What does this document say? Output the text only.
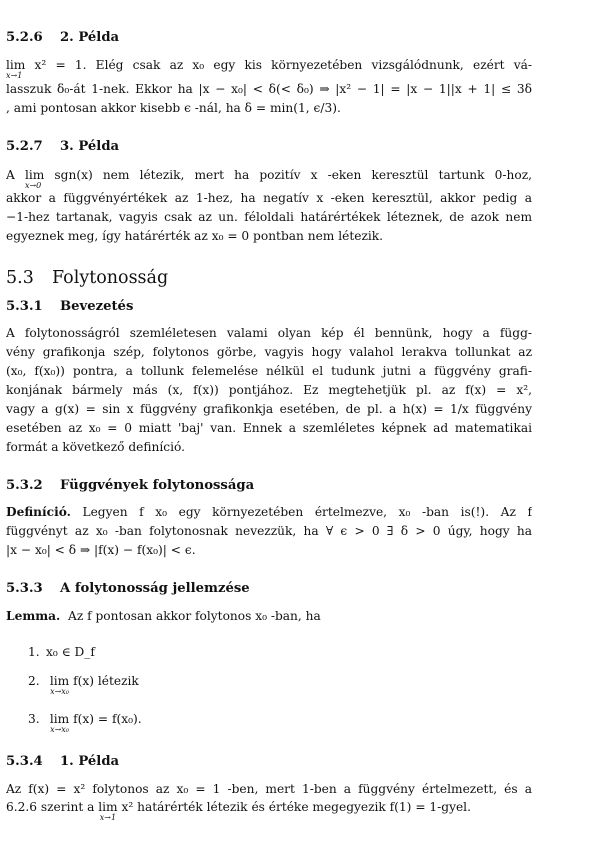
5.2.6 2. Példa
lim
x→1
x² = 1. Elég csak az x₀ egy kis környezetében vizsgálódnunk, ezért vá-
lasszuk δ₀-át 1-nek. Ekkor ha |x − x₀| < δ(< δ₀) ⇒ |x² − 1| = |x − 1||x + 1| ≤ 3δ
, ami pontosan akkor kisebb ϵ -nál, ha δ = min(1, ϵ/3).
5.2.7 3. Példa
A lim
x→0
sgn(x) nem létezik, mert ha pozitív x -eken keresztül tartunk 0-hoz,
akkor a függvényértékek az 1-hez, ha negatív x -eken keresztül, akkor pedig a
−1-hez tartanak, vagyis csak az un. féloldali határértékek léteznek, de azok nem
egyeznek meg, így határérték az x₀ = 0 pontban nem létezik.
5.3 Folytonosság
5.3.1 Bevezetés
A folytonosságról szemléletesen valami olyan kép él bennünk, hogy a függ-
vény grafikonja szép, folytonos görbe, vagyis hogy valahol lerakva tollunkat az
(x₀, f(x₀)) pontra, a tollunk felemelése nélkül el tudunk jutni a függvény grafi-
konjának bármely más (x, f(x)) pontjához. Ez megtehetjük pl. az f(x) = x²,
vagy a g(x) = sin x függvény grafikonkja esetében, de pl. a h(x) = 1/x függvény
esetében az x₀ = 0 miatt 'baj' van. Ennek a szemléletes képnek ad matematikai
formát a következő definíció.
5.3.2 Függvények folytonossága
Definíció. Legyen f x₀ egy környezetében értelmezve, x₀ -ban is(!). Az f
függvényt az x₀ -ban folytonosnak nevezzük, ha ∀ ϵ > 0 ∃ δ > 0 úgy, hogy ha
|x − x₀| < δ ⇒ |f(x) − f(x₀)| < ϵ.
5.3.3 A folytonosság jellemzése
Lemma. Az f pontosan akkor folytonos x₀ -ban, ha
1. x₀ ∈ D_f
2. lim
x→x₀
f(x) létezik
3. lim
x→x₀
f(x) = f(x₀).
5.3.4 1. Példa
Az f(x) = x² folytonos az x₀ = 1 -ben, mert 1-ben a függvény értelmezett, és a
6.2.6 szerint a lim
x→1
x² határérték létezik és értéke megegyezik f(1) = 1-gyel.
